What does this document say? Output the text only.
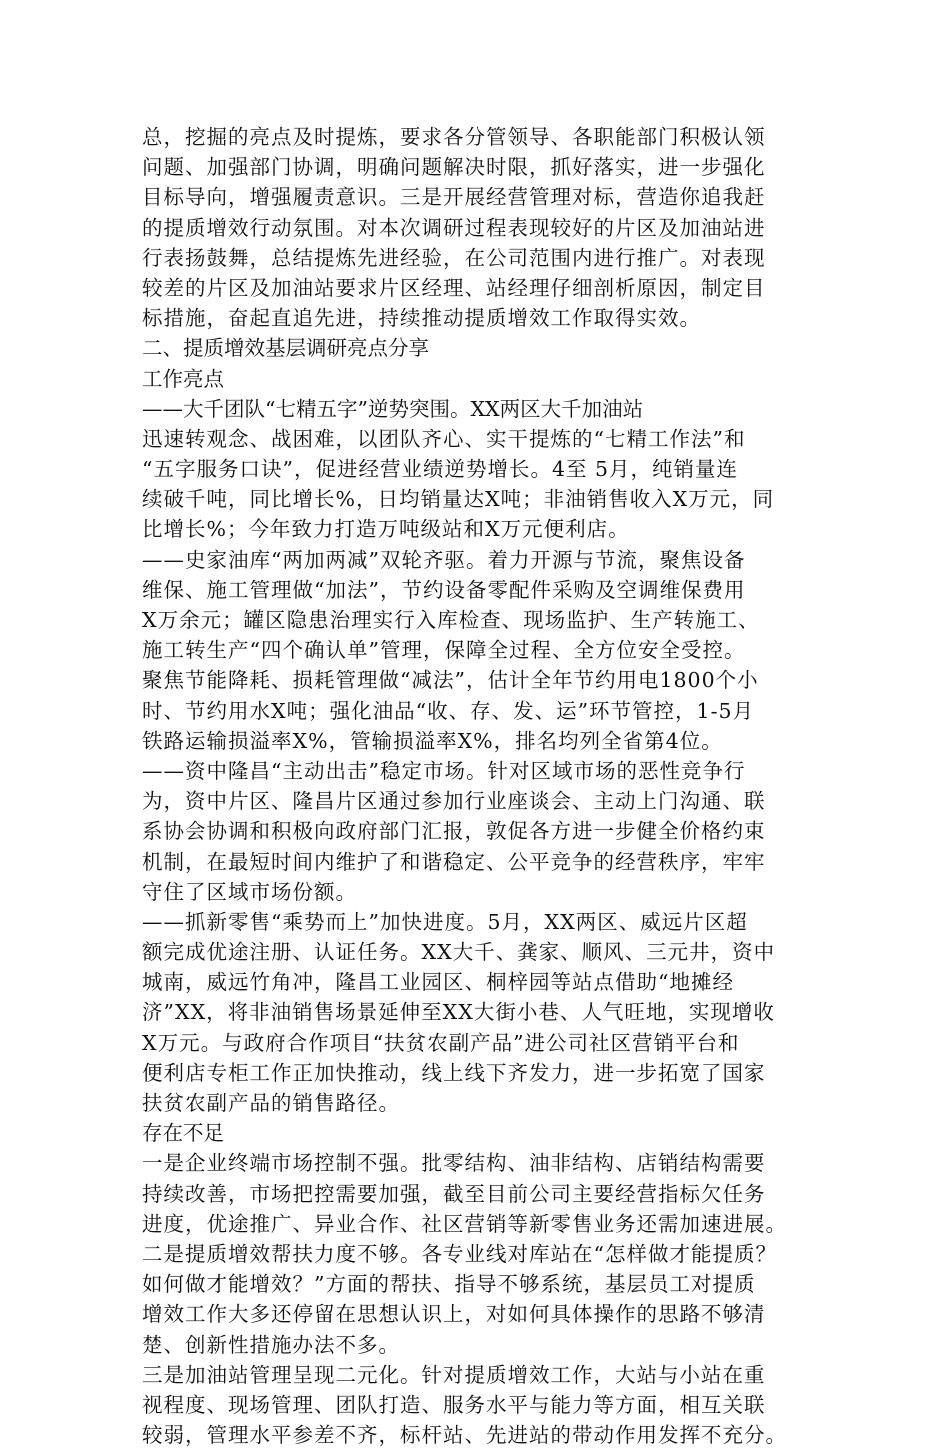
总，挖掘的亮点及时提炼，要求各分管领导、各职能部门积极认领
问题、加强部门协调，明确问题解决时限，抓好落实，进一步强化
目标导向，增强履责意识。三是开展经营管理对标，营造你追我赶
的提质增效行动氛围。对本次调研过程表现较好的片区及加油站进
行表扬鼓舞，总结提炼先进经验，在公司范围内进行推广。对表现
较差的片区及加油站要求片区经理、站经理仔细剖析原因，制定目
标措施，奋起直追先进，持续推动提质增效工作取得实效。
二、提质增效基层调研亮点分享
工作亮点
——大千团队“七精五字”逆势突围。XX两区大千加油站
迅速转观念、战困难，以团队齐心、实干提炼的“七精工作法”和
“五字服务口诀”，促进经营业绩逆势增长。4至 5月，纯销量连
续破千吨，同比增长%，日均销量达X吨；非油销售收入X万元，同
比增长%；今年致力打造万吨级站和X万元便利店。
——史家油库“两加两减”双轮齐驱。着力开源与节流，聚焦设备
维保、施工管理做“加法”，节约设备零配件采购及空调维保费用
X万余元；罐区隐患治理实行入库检查、现场监护、生产转施工、
施工转生产“四个确认单”管理，保障全过程、全方位安全受控。
聚焦节能降耗、损耗管理做“减法”，估计全年节约用电1800个小
时、节约用水X吨；强化油品“收、存、发、运”环节管控，1-5月
铁路运输损溢率X%，管输损溢率X%，排名均列全省第4位。
——资中隆昌“主动出击”稳定市场。针对区域市场的恶性竞争行
为，资中片区、隆昌片区通过参加行业座谈会、主动上门沟通、联
系协会协调和积极向政府部门汇报，敦促各方进一步健全价格约束
机制，在最短时间内维护了和谐稳定、公平竞争的经营秩序，牢牢
守住了区域市场份额。
——抓新零售“乘势而上”加快进度。5月，XX两区、威远片区超
额完成优途注册、认证任务。XX大千、龚家、顺风、三元井，资中
城南，威远竹角冲，隆昌工业园区、桐梓园等站点借助“地摊经
济”XX，将非油销售场景延伸至XX大街小巷、人气旺地，实现增收
X万元。与政府合作项目“扶贫农副产品”进公司社区营销平台和
便利店专柜工作正加快推动，线上线下齐发力，进一步拓宽了国家
扶贫农副产品的销售路径。
存在不足
一是企业终端市场控制不强。批零结构、油非结构、店销结构需要
持续改善，市场把控需要加强，截至目前公司主要经营指标欠任务
进度，优途推广、异业合作、社区营销等新零售业务还需加速进展。
二是提质增效帮扶力度不够。各专业线对库站在“怎样做才能提质？
如何做才能增效？”方面的帮扶、指导不够系统，基层员工对提质
增效工作大多还停留在思想认识上，对如何具体操作的思路不够清
楚、创新性措施办法不多。
三是加油站管理呈现二元化。针对提质增效工作，大站与小站在重
视程度、现场管理、团队打造、服务水平与能力等方面，相互关联
较弱，管理水平参差不齐，标杆站、先进站的带动作用发挥不充分。
